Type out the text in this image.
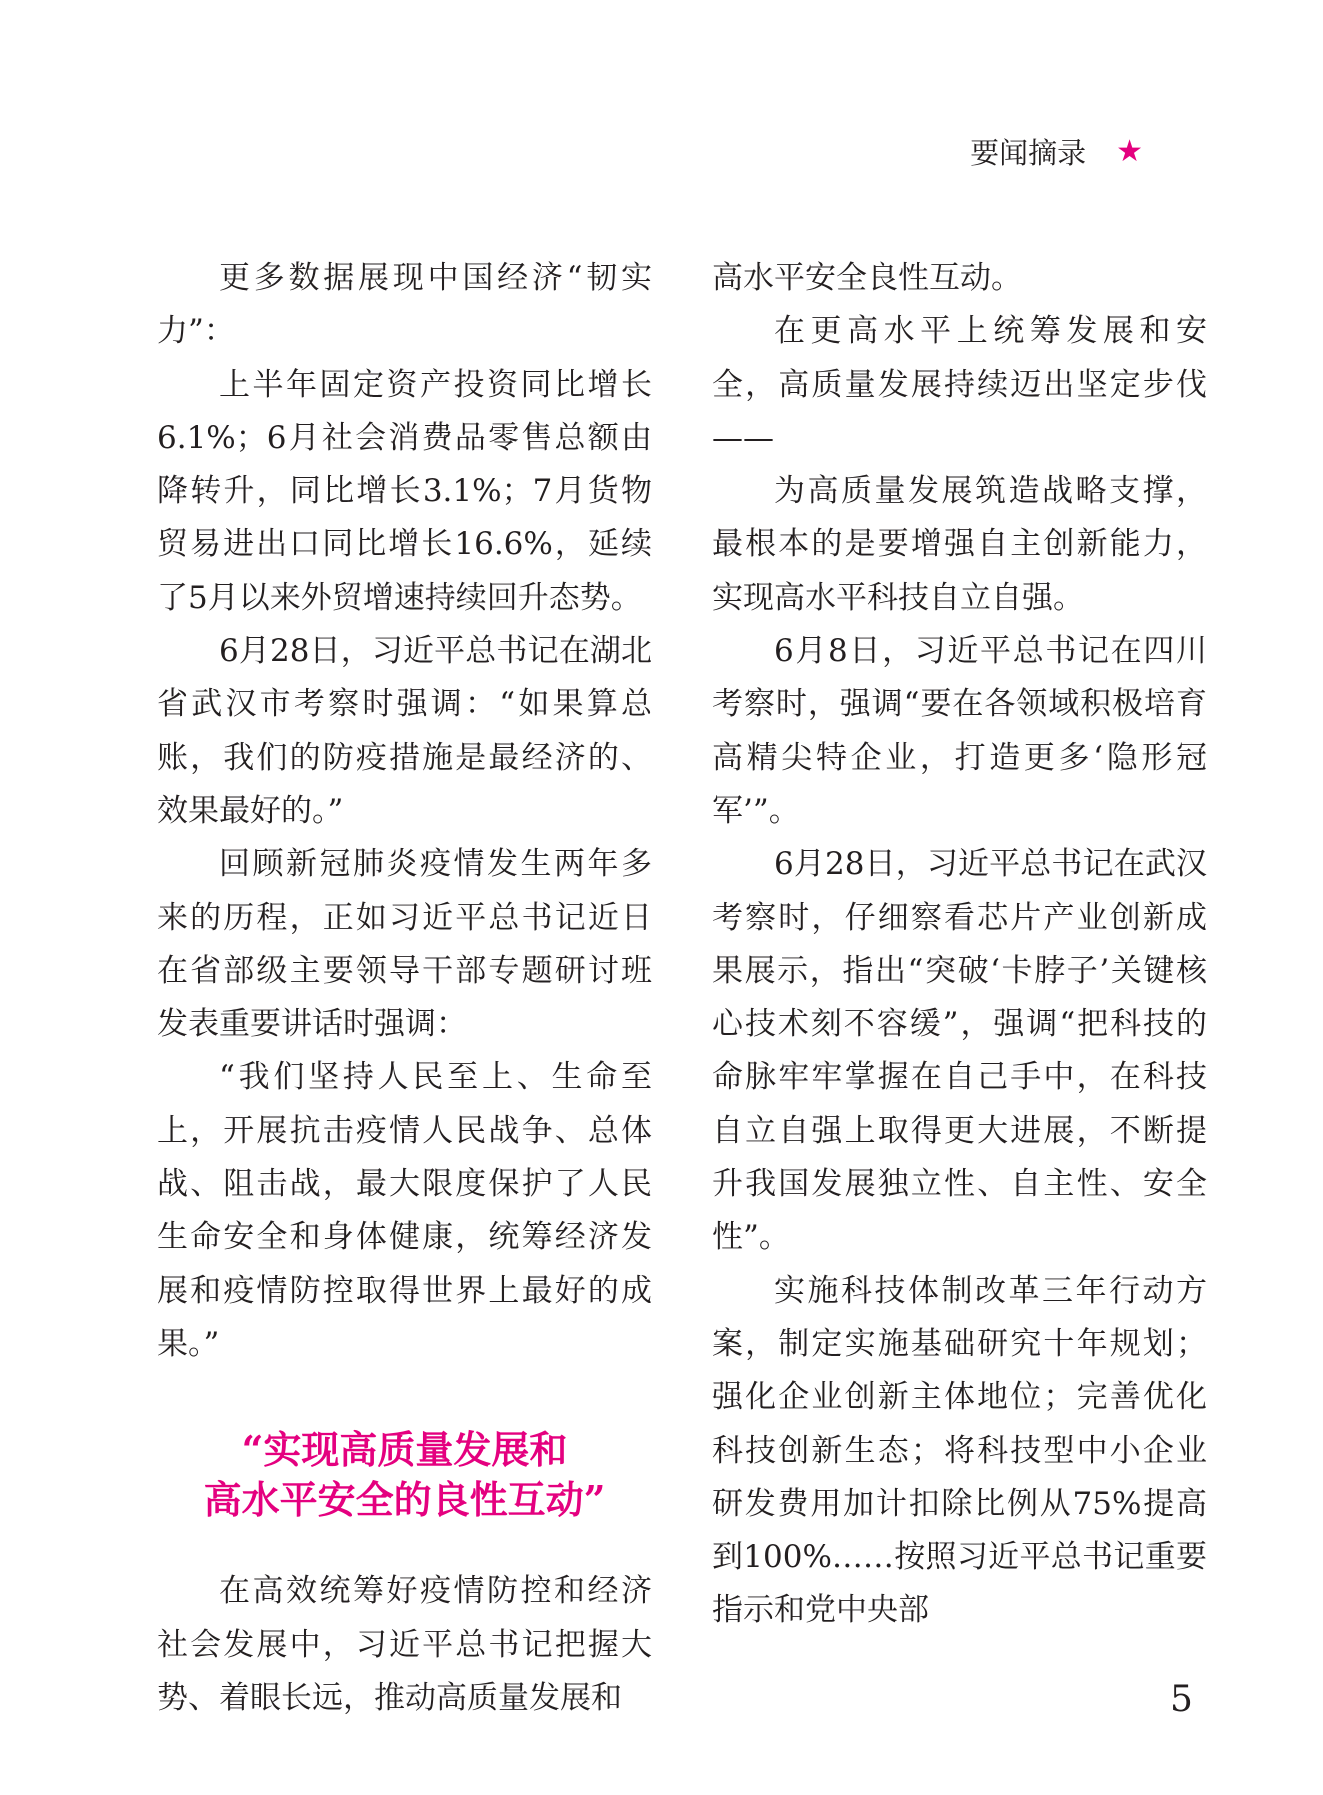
要闻摘录 ★

更多数据展现中国经济“韧实力”：

上半年固定资产投资同比增长6.1%；6月社会消费品零售总额由降转升，同比增长3.1%；7月货物贸易进出口同比增长16.6%，延续了5月以来外贸增速持续回升态势。

6月28日，习近平总书记在湖北省武汉市考察时强调：“如果算总账，我们的防疫措施是最经济的、效果最好的。”

回顾新冠肺炎疫情发生两年多来的历程，正如习近平总书记近日在省部级主要领导干部专题研讨班发表重要讲话时强调：

“我们坚持人民至上、生命至上，开展抗击疫情人民战争、总体战、阻击战，最大限度保护了人民生命安全和身体健康，统筹经济发展和疫情防控取得世界上最好的成果。”

“实现高质量发展和
高水平安全的良性互动”

在高效统筹好疫情防控和经济社会发展中，习近平总书记把握大势、着眼长远，推动高质量发展和

高水平安全良性互动。

在更高水平上统筹发展和安全，高质量发展持续迈出坚定步伐——

为高质量发展筑造战略支撑，最根本的是要增强自主创新能力，实现高水平科技自立自强。

6月8日，习近平总书记在四川考察时，强调“要在各领域积极培育高精尖特企业，打造更多‘隐形冠军’”。

6月28日，习近平总书记在武汉考察时，仔细察看芯片产业创新成果展示，指出“突破‘卡脖子’关键核心技术刻不容缓”，强调“把科技的命脉牢牢掌握在自己手中，在科技自立自强上取得更大进展，不断提升我国发展独立性、自主性、安全性”。

实施科技体制改革三年行动方案，制定实施基础研究十年规划；强化企业创新主体地位；完善优化科技创新生态；将科技型中小企业研发费用加计扣除比例从75%提高到100%……按照习近平总书记重要指示和党中央部

5
